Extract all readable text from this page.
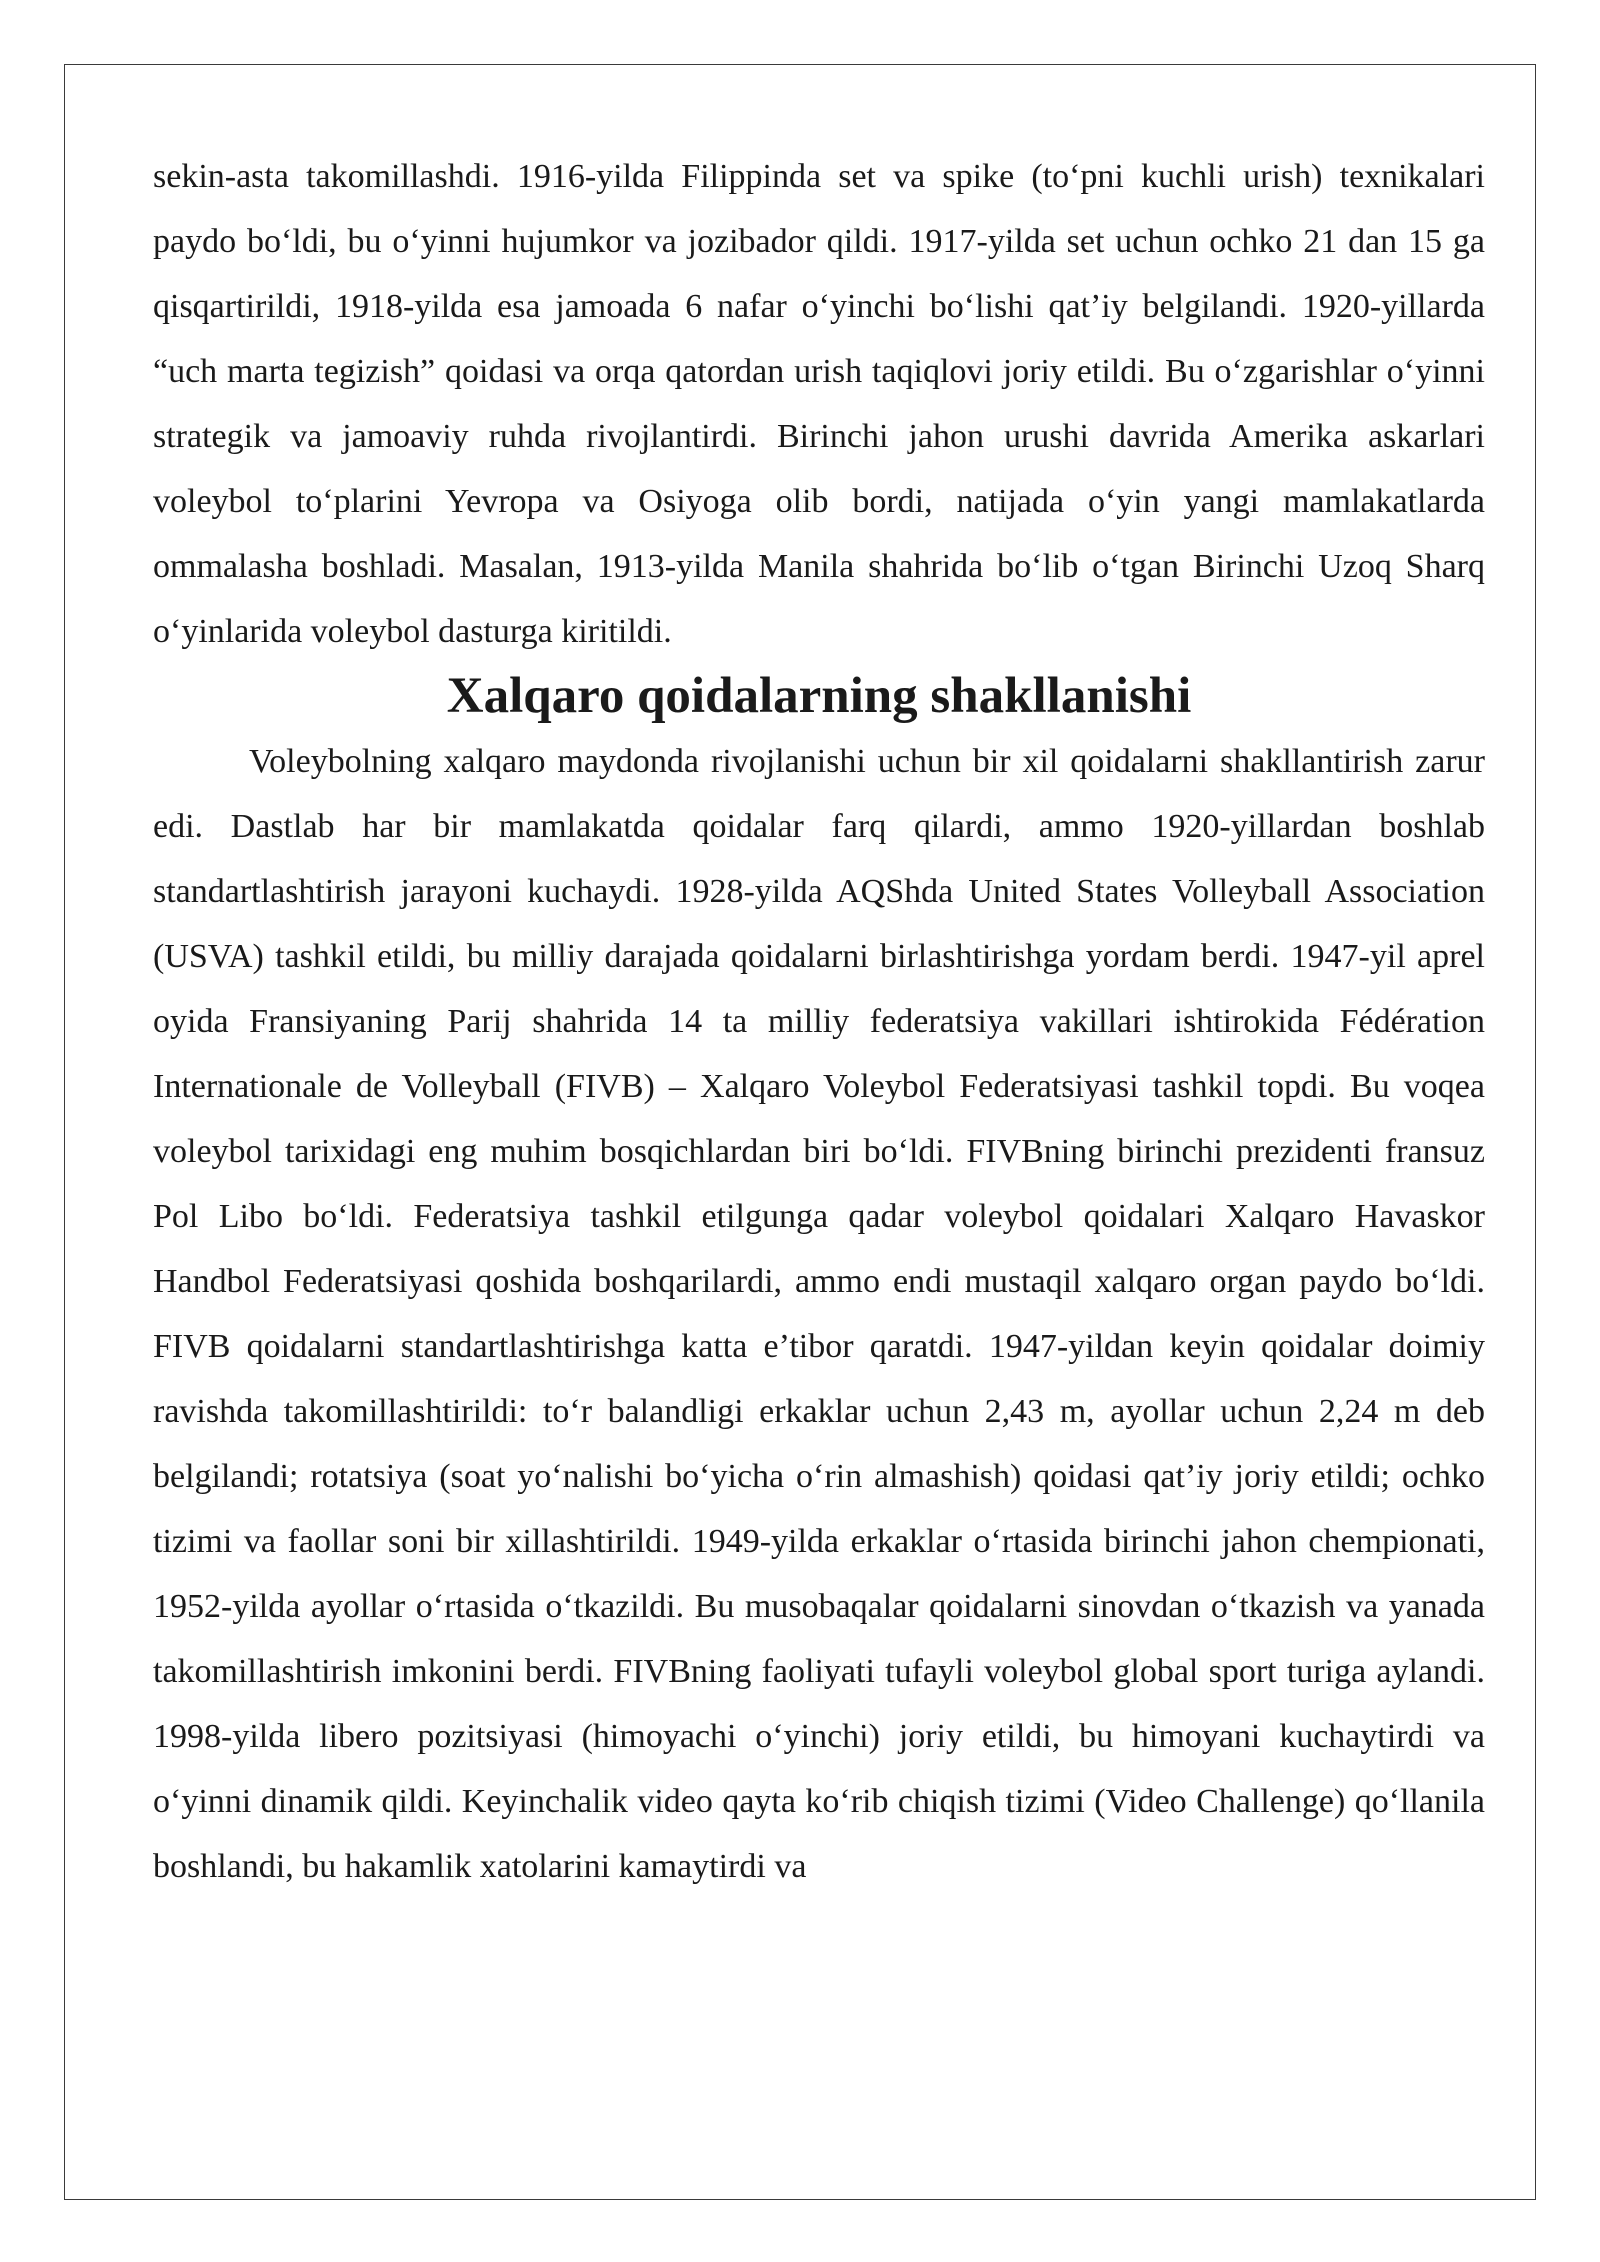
sekin-asta takomillashdi. 1916-yilda Filippinda set va spike (to‘pni kuchli urish) texnikalari paydo bo‘ldi, bu o‘yinni hujumkor va jozibador qildi. 1917-yilda set uchun ochko 21 dan 15 ga qisqartirildi, 1918-yilda esa jamoada 6 nafar o‘yinchi bo‘lishi qat’iy belgilandi. 1920-yillarda “uch marta tegizish” qoidasi va orqa qatordan urish taqiqlovi joriy etildi. Bu o‘zgarishlar o‘yinni strategik va jamoaviy ruhda rivojlantirdi. Birinchi jahon urushi davrida Amerika askarlari voleybol to‘plarini Yevropa va Osiyoga olib bordi, natijada o‘yin yangi mamlakatlarda ommalasha boshladi. Masalan, 1913-yilda Manila shahrida bo‘lib o‘tgan Birinchi Uzoq Sharq o‘yinlarida voleybol dasturga kiritildi.

Xalqaro qoidalarning shakllanishi

Voleybolning xalqaro maydonda rivojlanishi uchun bir xil qoidalarni shakllantirish zarur edi. Dastlab har bir mamlakatda qoidalar farq qilardi, ammo 1920-yillardan boshlab standartlashtirish jarayoni kuchaydi. 1928-yilda AQShda United States Volleyball Association (USVA) tashkil etildi, bu milliy darajada qoidalarni birlashtirishga yordam berdi. 1947-yil aprel oyida Fransiyaning Parij shahrida 14 ta milliy federatsiya vakillari ishtirokida Fédération Internationale de Volleyball (FIVB) – Xalqaro Voleybol Federatsiyasi tashkil topdi. Bu voqea voleybol tarixidagi eng muhim bosqichlardan biri bo‘ldi. FIVBning birinchi prezidenti fransuz Pol Libo bo‘ldi. Federatsiya tashkil etilgunga qadar voleybol qoidalari Xalqaro Havaskor Handbol Federatsiyasi qoshida boshqarilardi, ammo endi mustaqil xalqaro organ paydo bo‘ldi. FIVB qoidalarni standartlashtirishga katta e’tibor qaratdi. 1947-yildan keyin qoidalar doimiy ravishda takomillashtirildi: to‘r balandligi erkaklar uchun 2,43 m, ayollar uchun 2,24 m deb belgilandi; rotatsiya (soat yo‘nalishi bo‘yicha o‘rin almashish) qoidasi qat’iy joriy etildi; ochko tizimi va faollar soni bir xillashtirildi. 1949-yilda erkaklar o‘rtasida birinchi jahon chempionati, 1952-yilda ayollar o‘rtasida o‘tkazildi. Bu musobaqalar qoidalarni sinovdan o‘tkazish va yanada takomillashtirish imkonini berdi. FIVBning faoliyati tufayli voleybol global sport turiga aylandi. 1998-yilda libero pozitsiyasi (himoyachi o‘yinchi) joriy etildi, bu himoyani kuchaytirdi va o‘yinni dinamik qildi. Keyinchalik video qayta ko‘rib chiqish tizimi (Video Challenge) qo‘llanila boshlandi, bu hakamlik xatolarini kamaytirdi va
